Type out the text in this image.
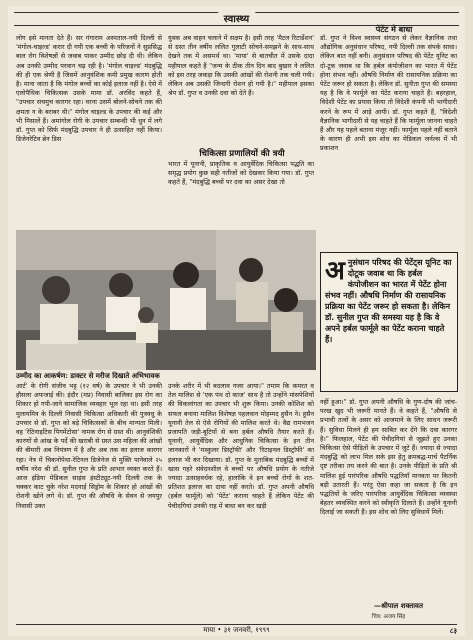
स्वास्थ्य
लोग इसे मानता देते हैं। सर गंगाराम अस्पताल-नयी दिल्ली से 'मंगोल-चाइल्ड' करार दी गयी एक बच्ची के परिजनों ने सुप्रसिद्ध बाल रोग विशेषज्ञों से जवाब पाकर उम्मीद छोड़ दी थी। लेकिन अब उनकी उम्मीद परवान चढ़ रही है। 'मंगोल चाइल्ड' मंदबुद्धि की ही एक श्रेणी है जिसमें आनुवंशिक कमी प्रमुख कारण होती है। माना जाता है कि मंगोल बच्चों का कोई इलाज नहीं है। ऐसे में एलोपैथिक चिकित्सक उसके मामा डॉ. अरविंद कहते हैं, "उपचार सचमुच कारगर रहा। वरना उसमें बोलने-सोचने तक की क्षमता न के बराबर थी।" मंगोल चाइल्ड के उपचार की कई और भी मिसालें हैं। अमांगोल रोगी के उपचार सम्बन्धी भी धुन में लगे डॉ. गुप्त को सिर्फ मंदबुद्धि उपचार ने ही उत्साहित नहीं किया। डिजेनरेटिव ब्रेन डिस
युवक अब वाहन चलाने में सक्षम है। इसी तरह 'मैटल रिटार्डेशन' से ग्रस्त तीन वर्षीय ललित गुलाटी सोचने-समझने के साथ-साथ देखने तक में असमर्थ था। 'माया' से बातचीत में उसके दादा महीपाल कहते हैं "जन्म के ठीक तीन दिन बाद बुखार ने ललित को इस तरह जकड़ा कि उसकी आंखों की रोशनी तक चली गयी। लेकिन अब उसकी जिन्दगी रोशन हो गयी है।" महीपाल इसका श्रेय डॉ. गुप्त व उनकी दवा को देते हैं।
चिकित्सा प्रणालियों की त्रयी
भारत में यूनानी, प्राकृतिक व आयुर्वेदिक चिकित्सा पद्धति का समृद्ध प्रयोग कुछ सही नतीजों को देखकर किया गया। डॉ. गुप्त कहते हैं, "मंदबुद्धि बच्चों पर दवा का असर देखा तो
पेटेंट में बाधा
डॉ. गुप्त ने विश्व स्वास्थ्य संगठन से लेकर वैज्ञानिक तथा औद्योगिक अनुसंधान परिषद, नयी दिल्ली तक संपर्क साधा। लेकिन बात नहीं बनी। अनुसंधान परिषद की पेटेंट यूनिट का दो-टूक जवाब था कि हर्बल कंपोजीशन का भारत में पेटेंट होना संभव नहीं। औषधि निर्माण की रासायनिक प्रक्रिया का पेटेंट जरूर हो सकता है। लेकिन डॉ. सुनीता गुप्त की समस्या यह है कि वे फार्मूले का पेटेंट कराना चाहते हैं। बहरहाल, विदेशी पेटेंट का प्रयास किया तो विदेशी कंपनी भी भागीदारी करने के रूप में आड़े आयी। डॉ. गुप्त कहते हैं, "विदेशी वैज्ञानिक भागीदारी से यह चाहते हैं कि फार्मूला जानना चाहते हैं और यह पहले बताना मंजूर नहीं। फार्मूला पहले नहीं बताने के कारण ही अभी इस शोध का मेडिकल जर्नल्स में भी प्रकाशन
उम्मीद का आकर्षण: डाक्टर से मरीज दिखाते अभिभावक
अ नुसंधान परिषद की पेटेंट्स यूनिट का दोटूक जवाब था कि हर्बल कंपोजीशन का भारत में पेटेंट होना संभव नहीं। औषधि निर्माण की रासायनिक प्रक्रिया का पेटेंट जरूर हो सकता है। लेकिन डॉ. सुनील गुप्त की समस्या यह है कि वे अपने हर्बल फार्मूले का पेटेंट कराना चाहते हैं।
आर्ट' के रोगी संजीव भट्ट (१२ वर्ष) के उपचार ने भी उनकी हौसला अफजाई की। इंदौर (मप्र) निवासी बालिका इस रोग का शिकार हो गयी-जाने सामाजिक व्यवहार भूल रहा था। इसी तरह मुलायमित्र के दिल्ली निवासी चिकित्सा अधिकारी की पुत्रवधु के उपचार से डॉ. गुप्त को बड़े चिकित्सकों के बीच मान्यता मिली। वह 'रेटिनाइटिस पिगमेंटोसा' नामक रोग से ग्रस्त थी। आनुवंशिकी कारणों से आंख के पर्दे की खराबी से ग्रस्त उस महिला की आंखों की बीमारी अब नियंत्रण में है और अब तक का इलाज कारगर रहा। नेत्र में चिकनोपेथा-रेटिनल डिजेनेज से मुक्ति पानेवाले २५ वर्षीय नरेश श्री डॉ. सुनील गुप्त के प्रति आभार व्यक्त करते हैं। आज इंडिया मेडिकल साइंस इंस्टीट्यूट-नयी दिल्ली तक के चक्कर काट चुके नरेश मदनाई सिड्रोम के शिकार हो आंखों की रोशनी खोने लगे थे। डॉ. गुप्त की औषधि के सेवन से जयपुर निवासी उक्त
उनके शरीर में भी बदलाव नजर आया।" तमाम कि कमरत व तेल मालिश से 'एक पंथ दो काज' साथ है तो उन्होंने मांसपेशियों की विकलांगता का उपचार भी शुरू किया। उनकी कोशिश को सफल बनाया मालिश विशेषज्ञ पहलवान मोहम्मद हुसैन ने। हुसैन यूनानी तेल से ऐसे रोगियों की मालिश करते थे। वैद्य रामभजन प्रजापति जड़ी-बूटियों से बना हर्बल औषधि तैयार करते हैं। यूनानी, आयुर्वेदिक और आधुनिक चिकित्सा के इन तीन जानकारों ने 'मस्कुलर डिस्ट्रॉफी' और 'रिटाइनल डिस्ट्रॉफी' का इलाज भी कर दिखाया। डॉ. गुप्त के मुताबिक मंदबुद्धि बच्चों में खास गहरे संवेदनशील वे बच्चों पर औषधि प्रयोग के नतीजे ज्यादा उत्साहवर्धक रहे, हालांकि वे इन बच्चों रोगों के शत-प्रतिशत इलाज का दावा नहीं करते। डॉ. गुप्त अपनी औषधि (हर्बल फार्मूले) को 'पेटेंट' कराना चाहते हैं लेकिन पेटेंट की पेचीदगियां उनकी राह में बाधा बन कर खड़ी
नहीं हुआ।" डॉ. गुप्त अपनी औषधि के गुण-दोष की जांच-परख खुद भी जरूरी मानते हैं। वे कहते हैं, "औषधि से प्रभावी तत्वों के असर को आजमाने के लिए साधन जरूरी हैं। सुविधा मिलने ही हम साबित कर देंगे कि दवा कारगर है।" फिलहाल, पेटेंट की पेचीदगियां से जूझते हुए उनका चिकित्सा ऐसे पीड़ितों के उपचार में जुटे हैं। ज्यादा से ज्यादा मंदबुद्धि को लाभ मिल सके इस हेतु क्रमबद्ध-मार्च पैटर्निक दृष्ट तरीका तय करने की बात है। उनके पीड़ितों के प्रति श्री मालिश हुई पारंपरिक औषधि पद्धतियाँ मानवता पर कितनी बड़ी उतारती हैं। परंतु ऐसा कहा जा सकता है कि इन पद्धतियों के जरिए पारंपरिक आयुर्वेदिक चिकित्सा व्यवस्था बेहतर व्यवस्थित करने को स्वीकृति दिलाते हैं। उन्होंने यूनानी दिलाई जा सकती हैं। इस शोध को लिए सुविधायें मिलें।
—श्रीपाल शक्तावत
चित्र: अजय सिंह
माया • ३१ जनवरी, १९९९	८३
